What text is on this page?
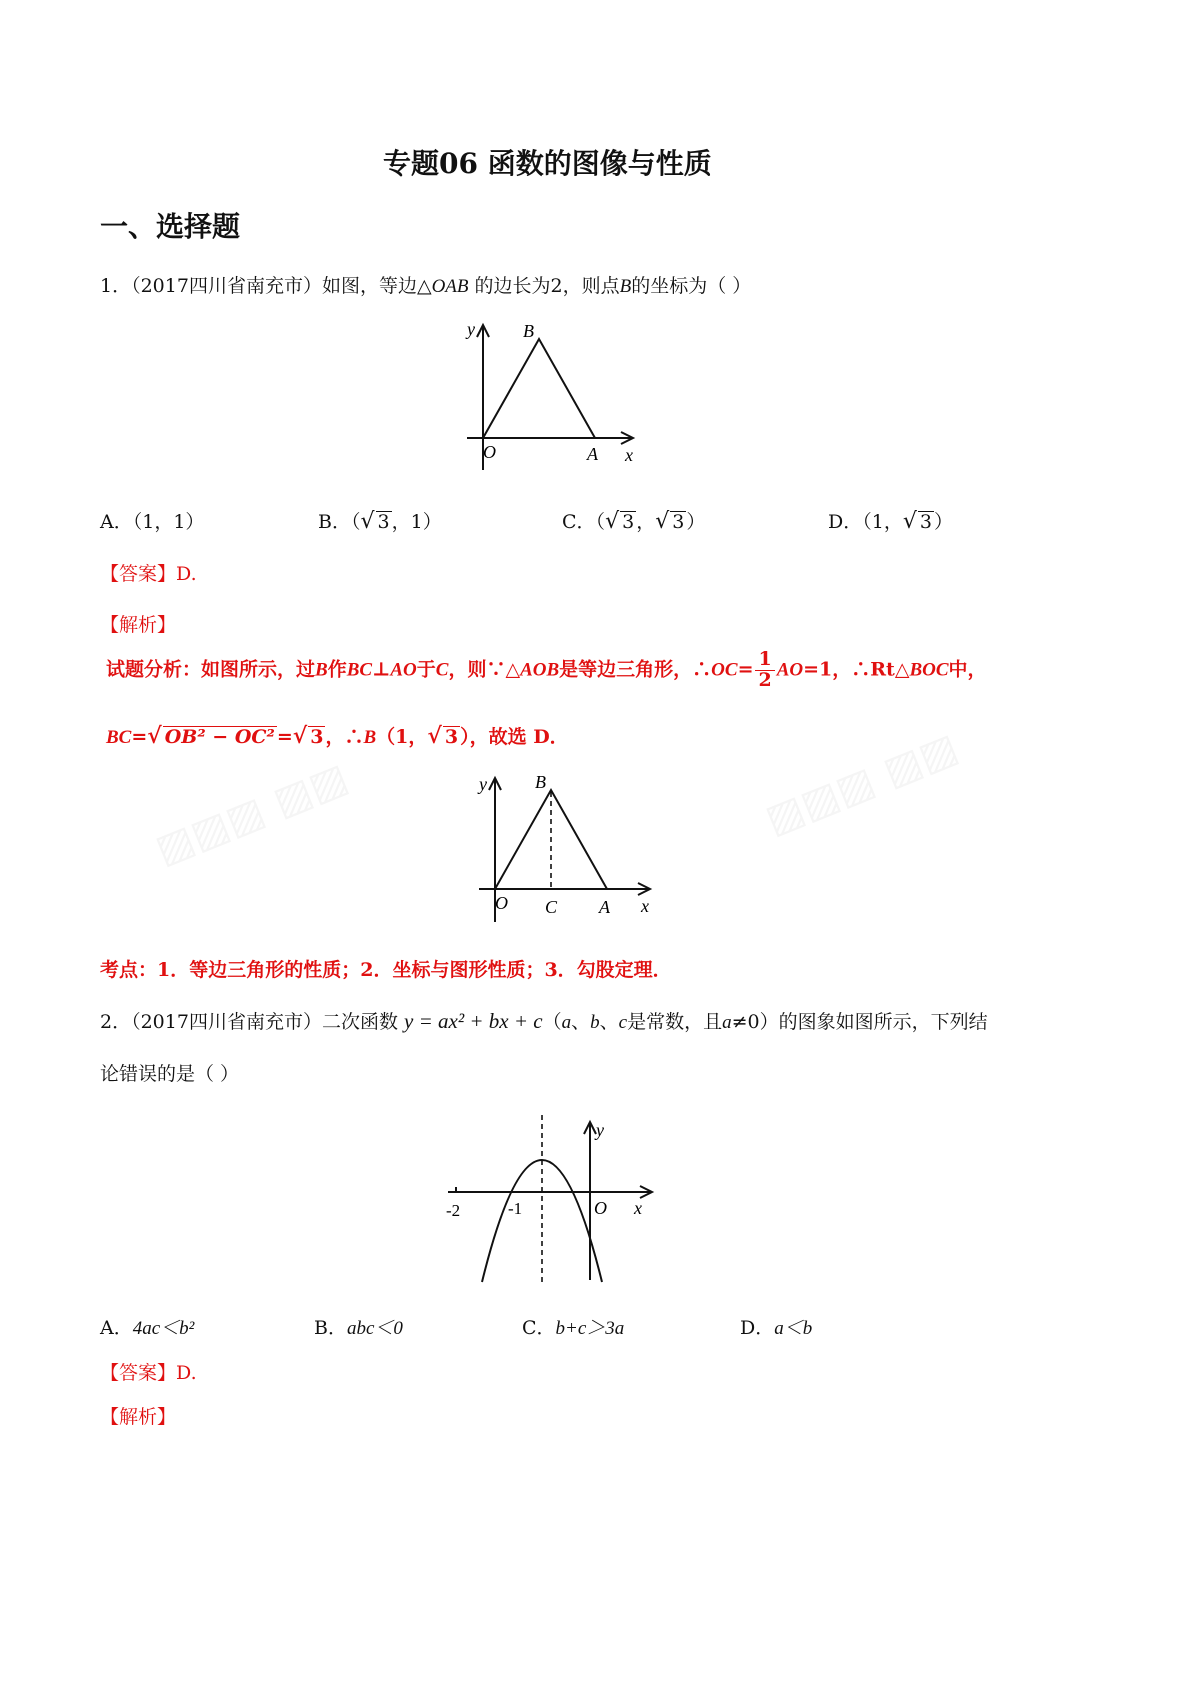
▨▨▨ ▨▨	▨▨▨ ▨▨
专题06 函数的图像与性质
一、选择题
1．（2017四川省南充市）如图，等边△OAB 的边长为2，则点B的坐标为（ ）
y	B
O	A x
A．（1，1）	B．（√ 3 ，1）	C．（√ 3 ，√ 3 ）	D．（1，√ 3 ）
【答案】D.
【解析】
试题分析：如图所示，过B作BC⊥AO于C，则∵△AOB是等边三角形，∴OC= $\frac{1}{2} AO=1$，∴Rt△BOC中，
BC=√ OB² − OC² =√ 3 ，∴B（1，√ 3 ），故选 D．
y	B
O C A x
考点：1．等边三角形的性质；2．坐标与图形性质；3．勾股定理．
2．（2017四川省南充市）二次函数 y = ax² + bx + c（a、b、c是常数，且a≠0）的图象如图所示，下列结
论错误的是（ ）
y
-2	-1	O x
A．4ac＜b²	B．abc＜0	C．b+c＞3a	D．a＜b
【答案】D.
【解析】
